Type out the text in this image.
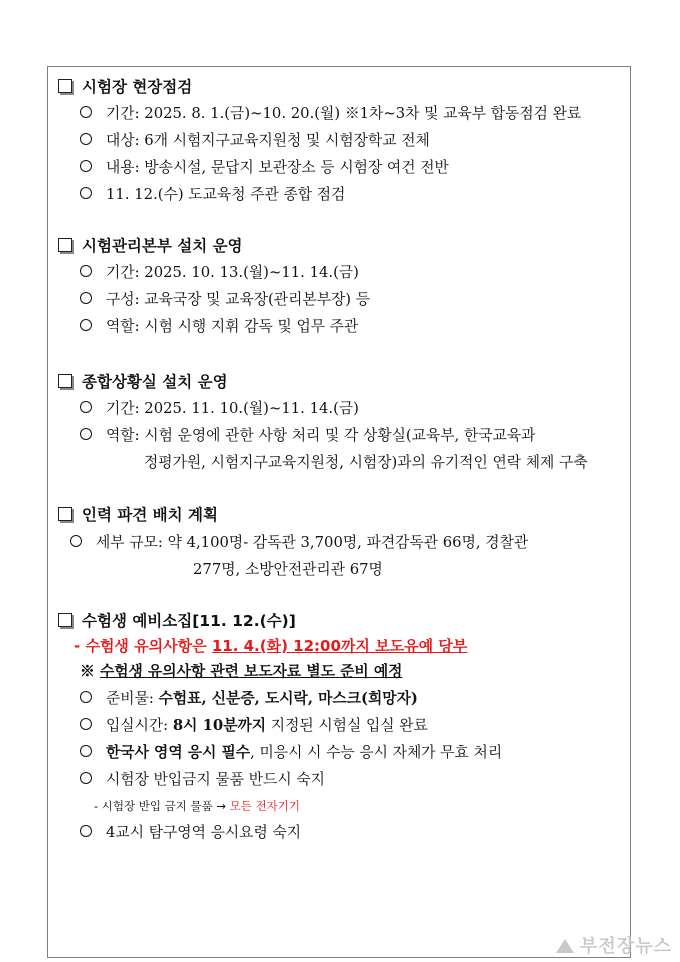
시험장 현장점검
기간: 2025. 8. 1.(금)~10. 20.(월) ※1차~3차 및 교육부 합동점검 완료
대상: 6개 시험지구교육지원청 및 시험장학교 전체
내용: 방송시설, 문답지 보관장소 등 시험장 여건 전반
11. 12.(수) 도교육청 주관 종합 점검
시험관리본부 설치 운영
기간: 2025. 10. 13.(월)~11. 14.(금)
구성: 교육국장 및 교육장(관리본부장) 등
역할: 시험 시행 지휘 감독 및 업무 주관
종합상황실 설치 운영
기간: 2025. 11. 10.(월)~11. 14.(금)
역할: 시험 운영에 관한 사항 처리 및 각 상황실(교육부, 한국교육과
정평가원, 시험지구교육지원청, 시험장)과의 유기적인 연락 체제 구축
인력 파견 배치 계획
세부 규모: 약 4,100명- 감독관 3,700명, 파견감독관 66명, 경찰관
277명, 소방안전관리관 67명
수험생 예비소집[11. 12.(수)]
- 수험생 유의사항은 11. 4.(화) 12:00까지 보도유예 당부
※ 수험생 유의사항 관련 보도자료 별도 준비 예정
준비물: 수험표, 신분증, 도시락, 마스크(희망자)
입실시간: 8시 10분까지 지정된 시험실 입실 완료
한국사 영역 응시 필수, 미응시 시 수능 응시 자체가 무효 처리
시험장 반입금지 물품 반드시 숙지
- 시험장 반입 금지 물품 → 모든 전자기기
4교시 탐구영역 응시요령 숙지
부전장뉴스
